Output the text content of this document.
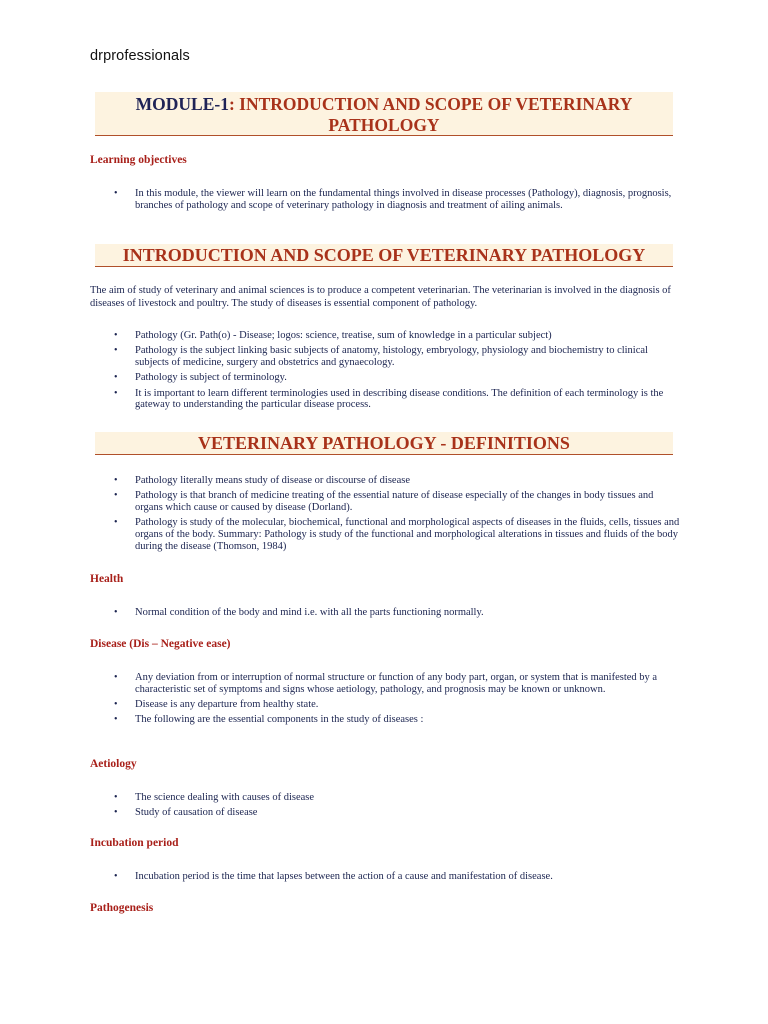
drprofessionals
MODULE-1: INTRODUCTION AND SCOPE OF VETERINARY PATHOLOGY
Learning objectives
• In this module, the viewer will learn on the fundamental things involved in disease processes (Pathology), diagnosis, prognosis, branches of pathology and scope of veterinary pathology in diagnosis and treatment of ailing animals.
INTRODUCTION AND SCOPE OF VETERINARY PATHOLOGY
The aim of study of veterinary and animal sciences is to produce a competent veterinarian. The veterinarian is involved in the diagnosis of diseases of livestock and poultry. The study of diseases is essential component of pathology.
• Pathology (Gr. Path(o) - Disease; logos: science, treatise, sum of knowledge in a particular subject)
• Pathology is the subject linking basic subjects of anatomy, histology, embryology, physiology and biochemistry to clinical subjects of medicine, surgery and obstetrics and gynaecology.
• Pathology is subject of terminology.
• It is important to learn different terminologies used in describing disease conditions. The definition of each terminology is the gateway to understanding the particular disease process.
VETERINARY PATHOLOGY - DEFINITIONS
• Pathology literally means study of disease or discourse of disease
• Pathology is that branch of medicine treating of the essential nature of disease especially of the changes in body tissues and organs which cause or caused by disease (Dorland).
• Pathology is study of the molecular, biochemical, functional and morphological aspects of diseases in the fluids, cells, tissues and organs of the body. Summary: Pathology is study of the functional and morphological alterations in tissues and fluids of the body during the disease (Thomson, 1984)
Health
• Normal condition of the body and mind i.e. with all the parts functioning normally.
Disease (Dis – Negative ease)
• Any deviation from or interruption of normal structure or function of any body part, organ, or system that is manifested by a characteristic set of symptoms and signs whose aetiology, pathology, and prognosis may be known or unknown.
• Disease is any departure from healthy state.
• The following are the essential components in the study of diseases :
Aetiology
• The science dealing with causes of disease
• Study of causation of disease
Incubation period
• Incubation period is the time that lapses between the action of a cause and manifestation of disease.
Pathogenesis
